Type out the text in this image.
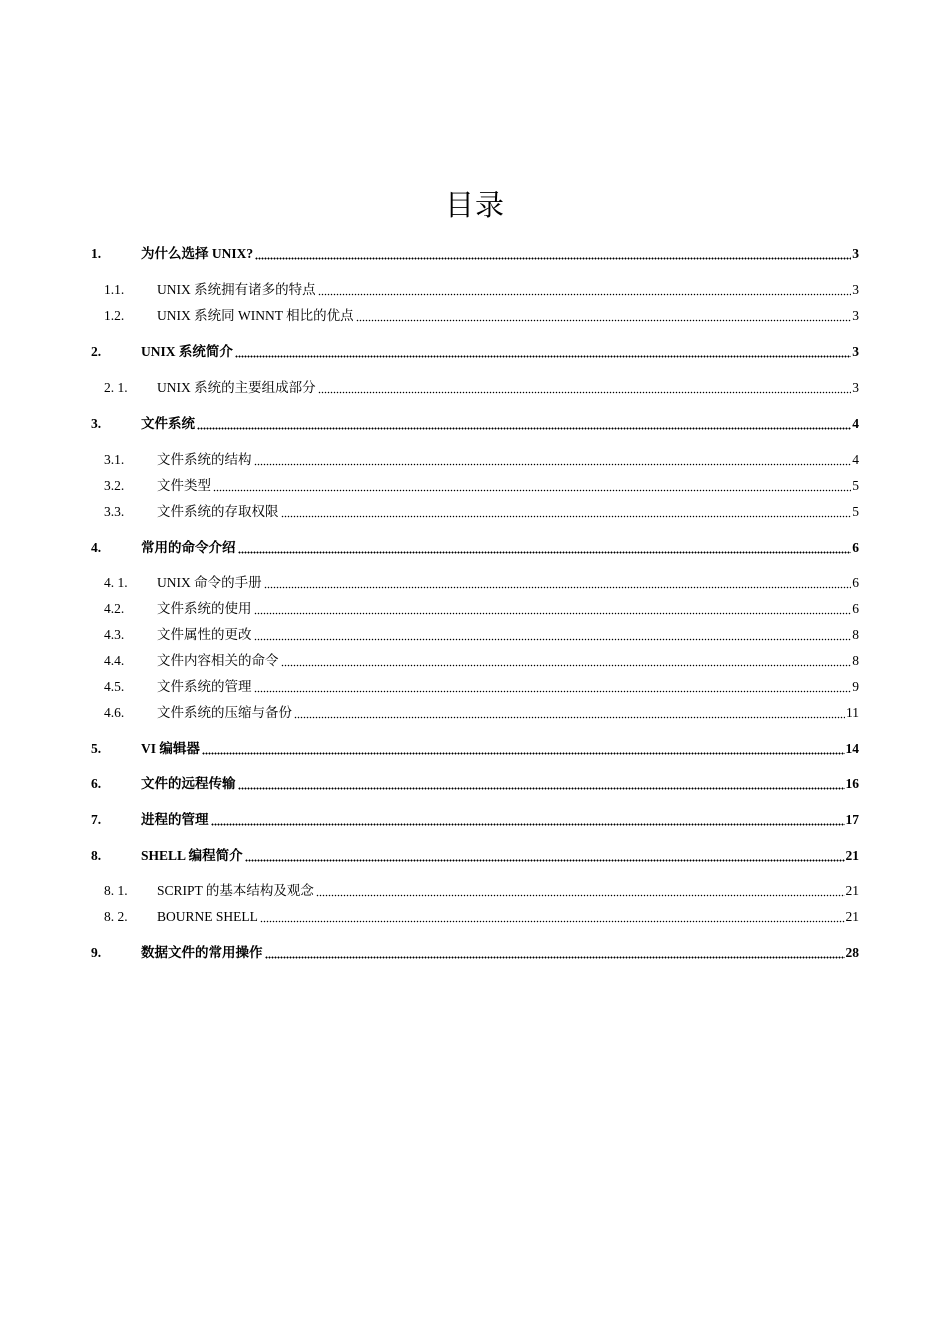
目录
1.	为什么选择 UNIX?	3
1.1.	UNIX 系统拥有诸多的特点	3
1.2.	UNIX 系统同 WINNT 相比的优点	3
2.	UNIX 系统简介	3
2. 1.	UNIX 系统的主要组成部分	3
3.	文件系统	4
3.1.	文件系统的结构	4
3.2.	文件类型	5
3.3.	文件系统的存取权限	5
4.	常用的命令介绍	6
4. 1.	UNIX 命令的手册	6
4.2.	文件系统的使用	6
4.3.	文件属性的更改	8
4.4.	文件内容相关的命令	8
4.5.	文件系统的管理	9
4.6.	文件系统的压缩与备份	11
5.	VI 编辑器	14
6.	文件的远程传输	16
7.	进程的管理	17
8.	SHELL 编程简介	21
8. 1.	SCRIPT 的基本结构及观念	21
8. 2.	BOURNE SHELL	21
9.	数据文件的常用操作	28
